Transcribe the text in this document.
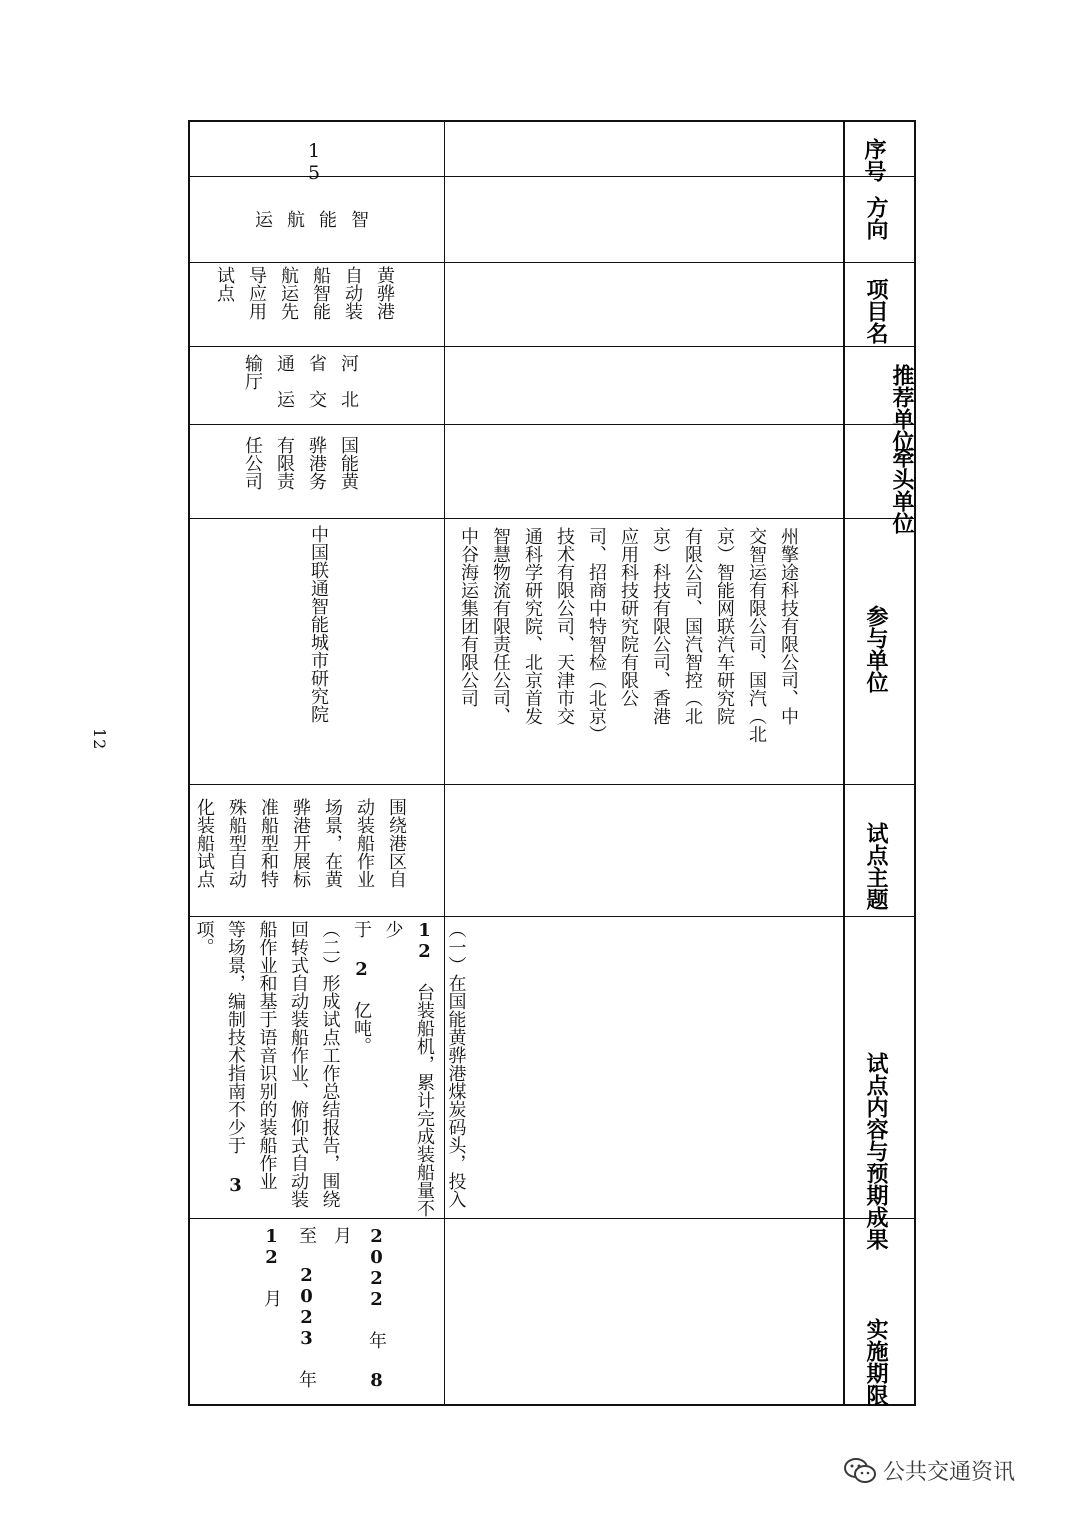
序号
方向
项目名
推荐单位
牵头单位
参与单位
试点主题
试点内容与预期成果
实施期限
州擎途科技有限公司、中
交智运有限公司、国汽（北
京）智能网联汽车研究院
有限公司、国汽智控（北
京）科技有限公司、香港
应用科技研究院有限公
司、招商中特智检（北京）
技术有限公司、天津市交
通科学研究院、北京首发
智慧物流有限责任公司、
中谷海运集团有限公司
15
智
能
航
运
黄骅港
自动装
船智能
航运先
导应用
试点
河　北
省　交
通　运
输厅
国能黄
骅港务
有限责
任公司
中国联通智能城市研究院
围绕港区自
动装船作业
场景，在黄
骅港开展标
准船型和特
殊船型自动
化装船试点
（一）在国能黄骅港煤炭码头，投入
12 台装船机，累计完成装船量不少
于 2 亿吨。
（二）形成试点工作总结报告，围绕
回转式自动装船作业、俯仰式自动装
船作业和基于语音识别的装船作业
等场景，编制技术指南不少于 3 项。
2022 年 8 月
至 2023 年
12 月
12
公共交通资讯
